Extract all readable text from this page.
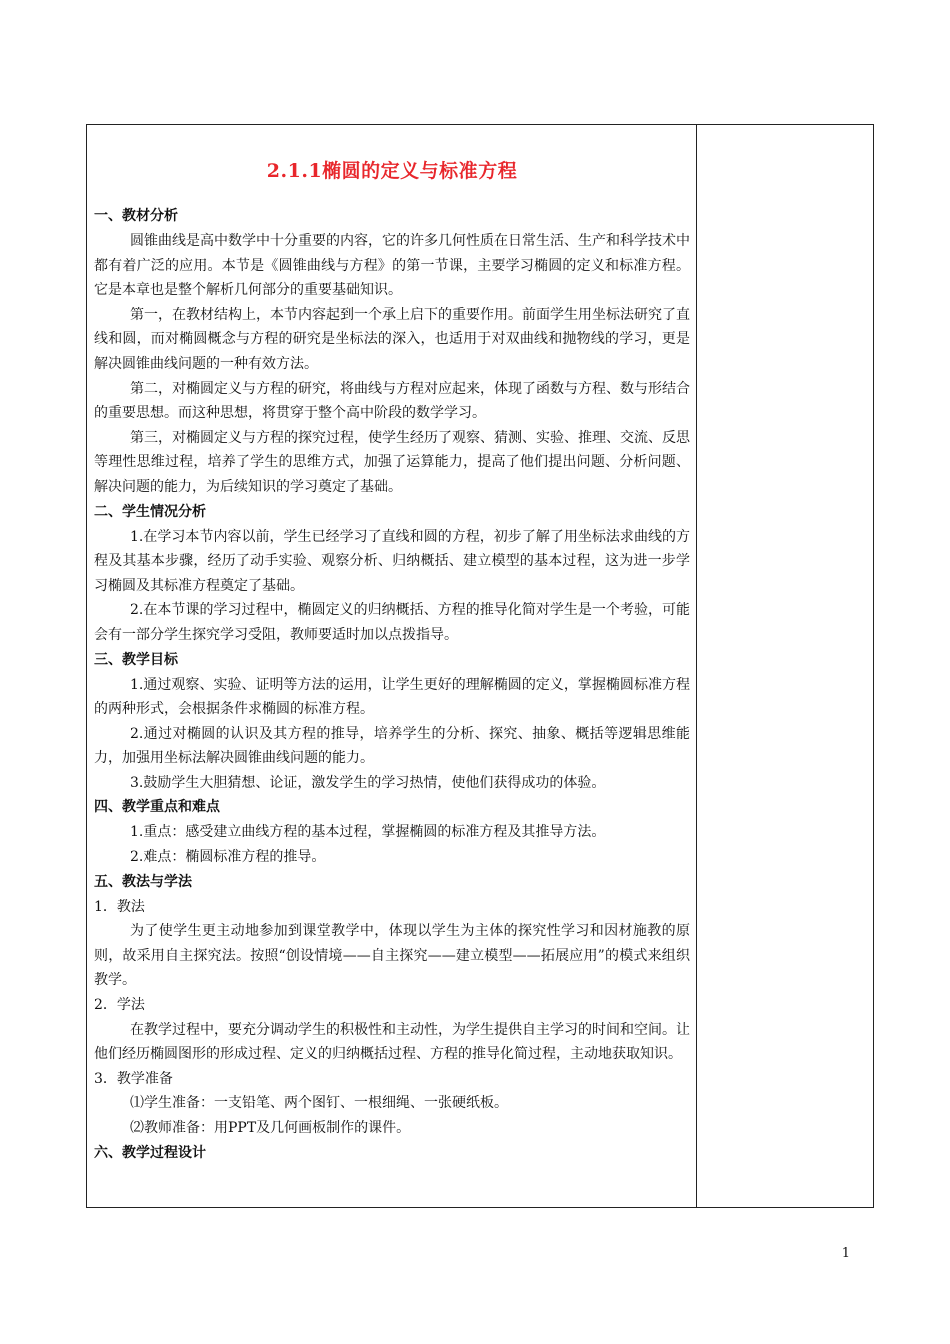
2.1.1椭圆的定义与标准方程

一、教材分析

圆锥曲线是高中数学中十分重要的内容，它的许多几何性质在日常生活、生产和科学技术中都有着广泛的应用。本节是《圆锥曲线与方程》的第一节课，主要学习椭圆的定义和标准方程。它是本章也是整个解析几何部分的重要基础知识。

第一，在教材结构上，本节内容起到一个承上启下的重要作用。前面学生用坐标法研究了直线和圆，而对椭圆概念与方程的研究是坐标法的深入，也适用于对双曲线和抛物线的学习，更是解决圆锥曲线问题的一种有效方法。

第二，对椭圆定义与方程的研究，将曲线与方程对应起来，体现了函数与方程、数与形结合的重要思想。而这种思想，将贯穿于整个高中阶段的数学学习。

第三，对椭圆定义与方程的探究过程，使学生经历了观察、猜测、实验、推理、交流、反思等理性思维过程，培养了学生的思维方式，加强了运算能力，提高了他们提出问题、分析问题、解决问题的能力，为后续知识的学习奠定了基础。

二、学生情况分析

1.在学习本节内容以前，学生已经学习了直线和圆的方程，初步了解了用坐标法求曲线的方程及其基本步骤，经历了动手实验、观察分析、归纳概括、建立模型的基本过程，这为进一步学习椭圆及其标准方程奠定了基础。

2.在本节课的学习过程中，椭圆定义的归纳概括、方程的推导化简对学生是一个考验，可能会有一部分学生探究学习受阻，教师要适时加以点拨指导。

三、教学目标

1.通过观察、实验、证明等方法的运用，让学生更好的理解椭圆的定义，掌握椭圆标准方程的两种形式，会根据条件求椭圆的标准方程。

2.通过对椭圆的认识及其方程的推导，培养学生的分析、探究、抽象、概括等逻辑思维能力，加强用坐标法解决圆锥曲线问题的能力。

3.鼓励学生大胆猜想、论证，激发学生的学习热情，使他们获得成功的体验。

四、教学重点和难点

1.重点：感受建立曲线方程的基本过程，掌握椭圆的标准方程及其推导方法。

2.难点：椭圆标准方程的推导。

五、教法与学法

1．教法

为了使学生更主动地参加到课堂教学中，体现以学生为主体的探究性学习和因材施教的原则，故采用自主探究法。按照“创设情境——自主探究——建立模型——拓展应用”的模式来组织教学。

2．学法

在教学过程中，要充分调动学生的积极性和主动性，为学生提供自主学习的时间和空间。让他们经历椭圆图形的形成过程、定义的归纳概括过程、方程的推导化简过程，主动地获取知识。

3．教学准备

⑴学生准备：一支铅笔、两个图钉、一根细绳、一张硬纸板。

⑵教师准备：用PPT及几何画板制作的课件。

六、教学过程设计

1
